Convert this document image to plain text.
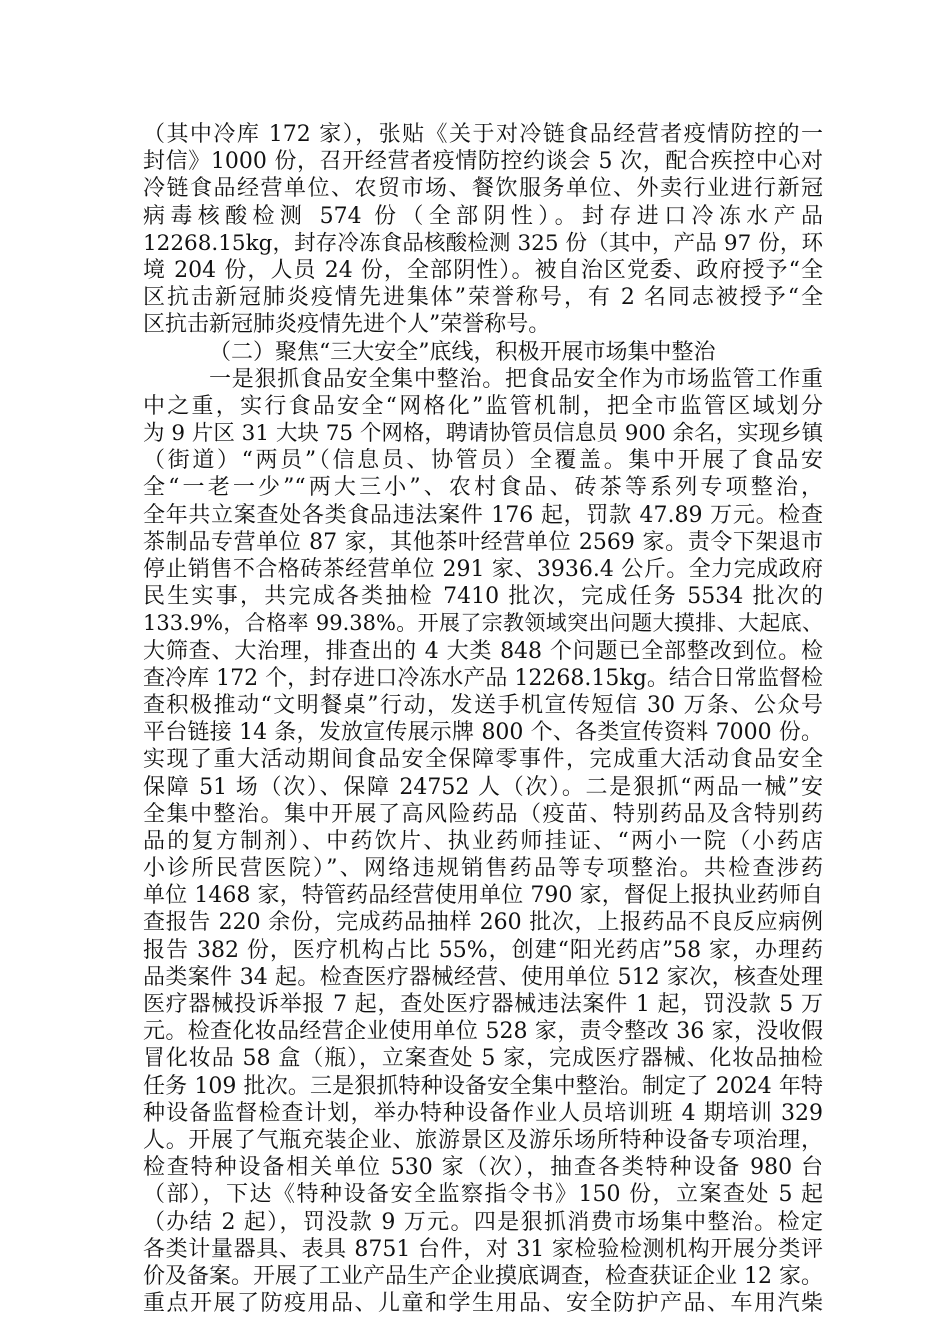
（其中冷库 172 家），张贴《关于对冷链食品经营者疫情防控的一
封信》1000 份，召开经营者疫情防控约谈会 5 次，配合疾控中心对
冷链食品经营单位、农贸市场、餐饮服务单位、外卖行业进行新冠
病毒核酸检测 574 份（全部阴性）。封存进口冷冻水产品
12268.15kg，封存冷冻食品核酸检测 325 份（其中，产品 97 份，环
境 204 份，人员 24 份，全部阴性）。被自治区党委、政府授予“全
区抗击新冠肺炎疫情先进集体”荣誉称号，有 2 名同志被授予“全
区抗击新冠肺炎疫情先进个人”荣誉称号。
（二）聚焦“三大安全”底线，积极开展市场集中整治
一是狠抓食品安全集中整治。把食品安全作为市场监管工作重
中之重，实行食品安全“网格化”监管机制，把全市监管区域划分
为 9 片区 31 大块 75 个网格，聘请协管员信息员 900 余名，实现乡镇
（街道）“两员”（信息员、协管员）全覆盖。集中开展了食品安
全“一老一少”“两大三小”、农村食品、砖茶等系列专项整治，
全年共立案查处各类食品违法案件 176 起，罚款 47.89 万元。检查
茶制品专营单位 87 家，其他茶叶经营单位 2569 家。责令下架退市
停止销售不合格砖茶经营单位 291 家、3936.4 公斤。全力完成政府
民生实事，共完成各类抽检 7410 批次，完成任务 5534 批次的
133.9%，合格率 99.38%。开展了宗教领域突出问题大摸排、大起底、
大筛查、大治理，排查出的 4 大类 848 个问题已全部整改到位。检
查冷库 172 个，封存进口冷冻水产品 12268.15kg。结合日常监督检
查积极推动“文明餐桌”行动，发送手机宣传短信 30 万条、公众号
平台链接 14 条，发放宣传展示牌 800 个、各类宣传资料 7000 份。
实现了重大活动期间食品安全保障零事件，完成重大活动食品安全
保障 51 场（次）、保障 24752 人（次）。二是狠抓“两品一械”安
全集中整治。集中开展了高风险药品（疫苗、特别药品及含特别药
品的复方制剂）、中药饮片、执业药师挂证、“两小一院（小药店
小诊所民营医院）”、网络违规销售药品等专项整治。共检查涉药
单位 1468 家，特管药品经营使用单位 790 家，督促上报执业药师自
查报告 220 余份，完成药品抽样 260 批次，上报药品不良反应病例
报告 382 份，医疗机构占比 55%，创建“阳光药店”58 家，办理药
品类案件 34 起。检查医疗器械经营、使用单位 512 家次，核查处理
医疗器械投诉举报 7 起，查处医疗器械违法案件 1 起，罚没款 5 万
元。检查化妆品经营企业使用单位 528 家，责令整改 36 家，没收假
冒化妆品 58 盒（瓶），立案查处 5 家，完成医疗器械、化妆品抽检
任务 109 批次。三是狠抓特种设备安全集中整治。制定了 2024 年特
种设备监督检查计划，举办特种设备作业人员培训班 4 期培训 329
人。开展了气瓶充装企业、旅游景区及游乐场所特种设备专项治理，
检查特种设备相关单位 530 家（次），抽查各类特种设备 980 台
（部），下达《特种设备安全监察指令书》150 份，立案查处 5 起
（办结 2 起），罚没款 9 万元。四是狠抓消费市场集中整治。检定
各类计量器具、表具 8751 台件，对 31 家检验检测机构开展分类评
价及备案。开展了工业产品生产企业摸底调查，检查获证企业 12 家。
重点开展了防疫用品、儿童和学生用品、安全防护产品、车用汽柴
